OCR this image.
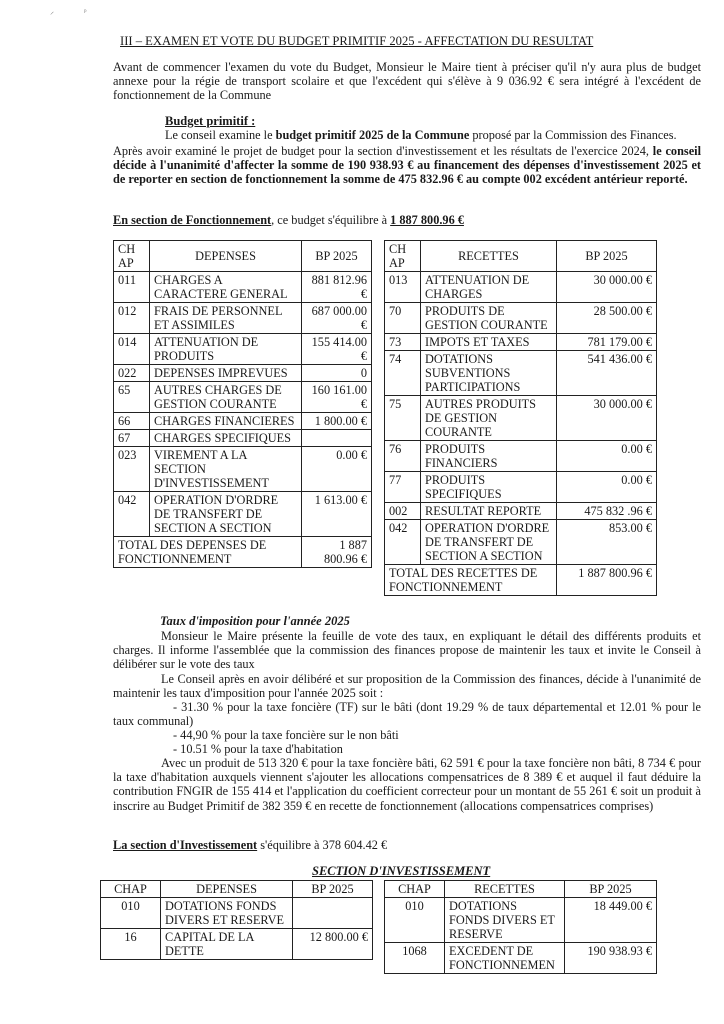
⸝ ᵖ
III – EXAMEN ET VOTE DU BUDGET PRIMITIF 2025 - AFFECTATION DU RESULTAT

Avant de commencer l'examen du vote du Budget, Monsieur le Maire tient à préciser qu'il n'y aura plus de budget annexe pour la régie de transport scolaire et que l'excédent qui s'élève à 9 036.92 € sera intégré à l'excédent de fonctionnement de la Commune

Budget primitif :

Le conseil examine le budget primitif 2025 de la Commune proposé par la Commission des Finances.

Après avoir examiné le projet de budget pour la section d'investissement et les résultats de l'exercice 2024, le conseil décide à l'unanimité d'affecter la somme de 190 938.93 € au financement des dépenses d'investissement 2025 et de reporter en section de fonctionnement la somme de 475 832.96 € au compte 002 excédent antérieur reporté.

En section de Fonctionnement, ce budget s'équilibre à 1 887 800.96 €
CH AP	DEPENSES	BP 2025
011	CHARGES A CARACTERE GENERAL	881 812.96 €
012	FRAIS DE PERSONNEL ET ASSIMILES	687 000.00 €
014	ATTENUATION DE PRODUITS	155 414.00 €
022	DEPENSES IMPREVUES	0
65	AUTRES CHARGES DE GESTION COURANTE	160 161.00 €
66	CHARGES FINANCIERES	1 800.00 €
67	CHARGES SPECIFIQUES	
023	VIREMENT A LA SECTION D'INVESTISSEMENT	0.00 €
042	OPERATION D'ORDRE DE TRANSFERT DE SECTION A SECTION	1 613.00 €
TOTAL DES DEPENSES DE FONCTIONNEMENT		1 887 800.96 €
CH AP	RECETTES	BP 2025
013	ATTENUATION DE CHARGES	30 000.00 €
70	PRODUITS DE GESTION COURANTE	28 500.00 €
73	IMPOTS ET TAXES	781 179.00 €
74	DOTATIONS SUBVENTIONS PARTICIPATIONS	541 436.00 €
75	AUTRES PRODUITS DE GESTION COURANTE	30 000.00 €
76	PRODUITS FINANCIERS	0.00 €
77	PRODUITS SPECIFIQUES	0.00 €
002	RESULTAT REPORTE	475 832 .96 €
042	OPERATION D'ORDRE DE TRANSFERT DE SECTION A SECTION	853.00 €
TOTAL DES RECETTES DE FONCTIONNEMENT		1 887 800.96 €
Taux d'imposition pour l'année 2025

Monsieur le Maire présente la feuille de vote des taux, en expliquant le détail des différents produits et charges. Il informe l'assemblée que la commission des finances propose de maintenir les taux et invite le Conseil à délibérer sur le vote des taux

Le Conseil après en avoir délibéré et sur proposition de la Commission des finances, décide à l'unanimité de maintenir les taux d'imposition pour l'année 2025 soit :

- 31.30 % pour la taxe foncière (TF) sur le bâti (dont 19.29 % de taux départemental et 12.01 % pour le taux communal)

- 44,90 % pour la taxe foncière sur le non bâti
- 10.51 % pour la taxe d'habitation

Avec un produit de 513 320 € pour la taxe foncière bâti, 62 591 € pour la taxe foncière non bâti, 8 734 € pour la taxe d'habitation auxquels viennent s'ajouter les allocations compensatrices de 8 389 € et auquel il faut déduire la contribution FNGIR de 155 414 et l'application du coefficient correcteur pour un montant de 55 261 € soit un produit à inscrire au Budget Primitif de 382 359 € en recette de fonctionnement (allocations compensatrices comprises)

La section d'Investissement s'équilibre à 378 604.42 €
SECTION D'INVESTISSEMENT
CHAP	DEPENSES	BP 2025
010	DOTATIONS FONDS DIVERS ET RESERVE	
16	CAPITAL DE LA DETTE	12 800.00 €
CHAP	RECETTES	BP 2025
010	DOTATIONS FONDS DIVERS ET RESERVE	18 449.00 €
1068	EXCEDENT DE FONCTIONNEMEN	190 938.93 €
